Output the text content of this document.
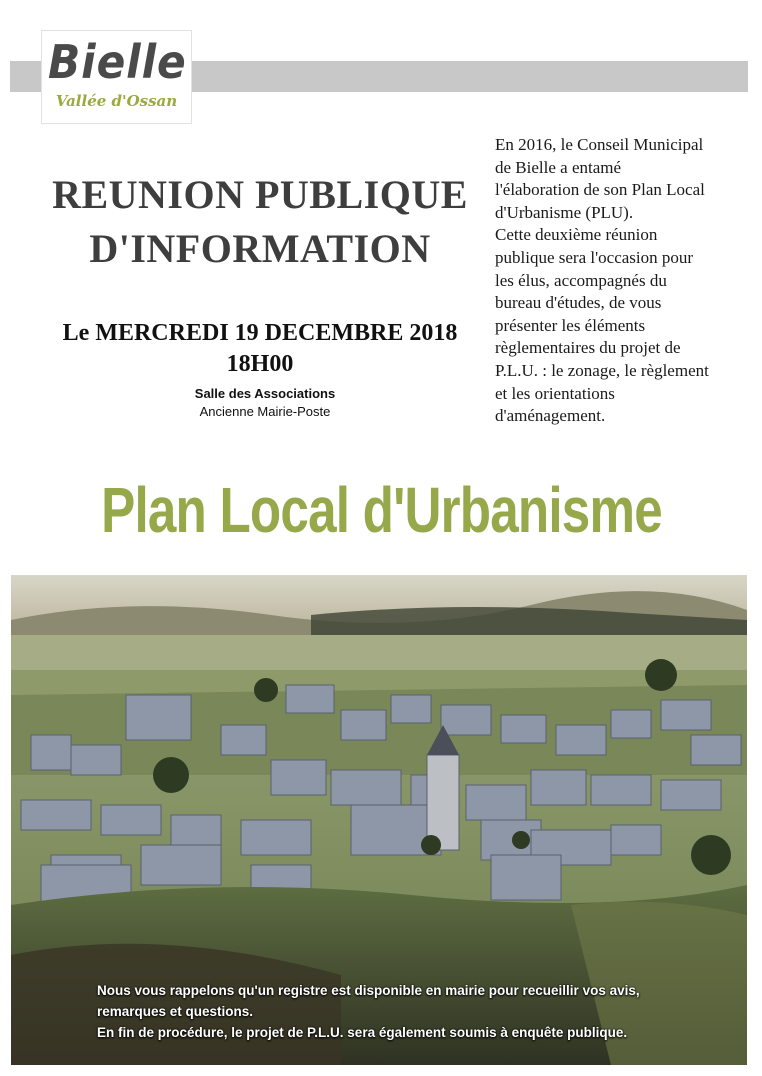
Bielle
Vallée d'Ossan
REUNION PUBLIQUE
D'INFORMATION
Le MERCREDI 19 DECEMBRE 2018
18H00
Salle des Associations
Ancienne Mairie-Poste
En 2016, le Conseil Municipal
de Bielle a entamé
l'élaboration de son Plan Local
d'Urbanisme (PLU).
Cette deuxième réunion
publique sera l'occasion pour
les élus, accompagnés du
bureau d'études, de vous
présenter les éléments
règlementaires du projet de
P.L.U. : le zonage, le règlement
et les orientations
d'aménagement.
Plan Local d'Urbanisme
Nous vous rappelons qu'un registre est disponible en mairie pour recueillir vos avis,
remarques et questions.
En fin de procédure, le projet de P.L.U. sera également soumis à enquête publique.
